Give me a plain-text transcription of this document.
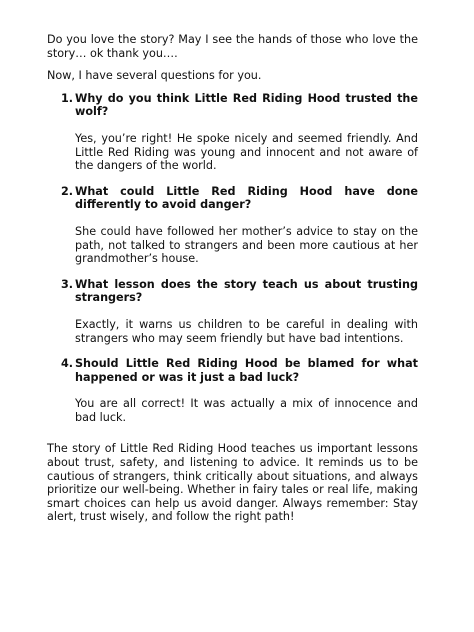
Do you love the story? May I see the hands of those who love the story… ok thank you….

Now, I have several questions for you.

1. Why do you think Little Red Riding Hood trusted the wolf?
Yes, you’re right! He spoke nicely and seemed friendly. And Little Red Riding was young and innocent and not aware of the dangers of the world.
2. What could Little Red Riding Hood have done differently to avoid danger?
She could have followed her mother’s advice to stay on the path, not talked to strangers and been more cautious at her grandmother’s house.
3. What lesson does the story teach us about trusting strangers?
Exactly, it warns us children to be careful in dealing with strangers who may seem friendly but have bad intentions.
4. Should Little Red Riding Hood be blamed for what happened or was it just a bad luck?
You are all correct! It was actually a mix of innocence and bad luck.

The story of Little Red Riding Hood teaches us important lessons about trust, safety, and listening to advice. It reminds us to be cautious of strangers, think critically about situations, and always prioritize our well-being. Whether in fairy tales or real life, making smart choices can help us avoid danger. Always remember: Stay alert, trust wisely, and follow the right path!
